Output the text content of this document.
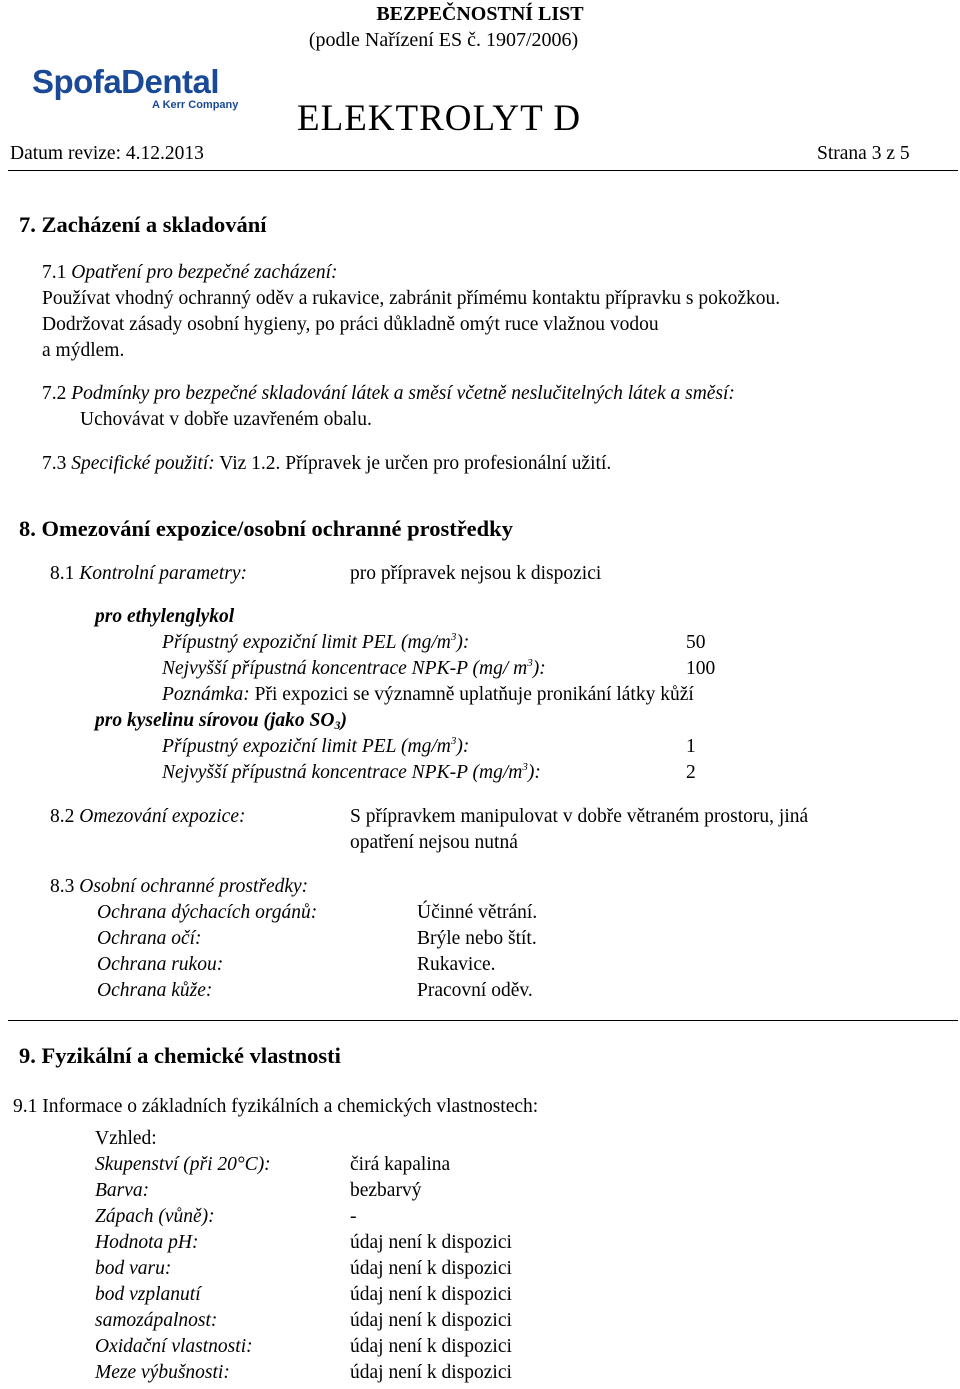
BEZPEČNOSTNÍ LIST
(podle Nařízení ES č. 1907/2006)
SpofaDental
A Kerr Company ELEKTROLYT D
Datum revize: 4.12.2013	Strana 3 z 5
7. Zacházení a skladování
7.1 Opatření pro bezpečné zacházení:
Používat vhodný ochranný oděv a rukavice, zabránit přímému kontaktu přípravku s pokožkou.
Dodržovat zásady osobní hygieny, po práci důkladně omýt ruce vlažnou vodou
a mýdlem.
7.2 Podmínky pro bezpečné skladování látek a směsí včetně neslučitelných látek a směsí:
Uchovávat v dobře uzavřeném obalu.
7.3 Specifické použití: Viz 1.2. Přípravek je určen pro profesionální užití.
8. Omezování expozice/osobní ochranné prostředky
8.1 Kontrolní parametry:	pro přípravek nejsou k dispozici
pro ethylenglykol
Přípustný expoziční limit PEL $(mg/m^3)$:	50
Nejvyšší přípustná koncentrace NPK-P (mg/ $m^3$):	100
Poznámka: Při expozici se významně uplatňuje pronikání látky kůží
pro kyselinu sírovou (jako $SO_3$)
Přípustný expoziční limit PEL $(mg/m^3)$:	1
Nejvyšší přípustná koncentrace NPK-P $(mg/m^3)$:	2
8.2 Omezování expozice:	S přípravkem manipulovat v dobře větraném prostoru, jiná
opatření nejsou nutná
8.3 Osobní ochranné prostředky:
Ochrana dýchacích orgánů:	Účinné větrání.
Ochrana očí:	Brýle nebo štít.
Ochrana rukou:	Rukavice.
Ochrana kůže:	Pracovní oděv.
9. Fyzikální a chemické vlastnosti
9.1 Informace o základních fyzikálních a chemických vlastnostech:
Vzhled:
Skupenství (při 20°C):	čirá kapalina
Barva:	bezbarvý
Zápach (vůně):	-
Hodnota pH:	údaj není k dispozici
bod varu:	údaj není k dispozici
bod vzplanutí	údaj není k dispozici
samozápalnost:	údaj není k dispozici
Oxidační vlastnosti:	údaj není k dispozici
Meze výbušnosti:	údaj není k dispozici
